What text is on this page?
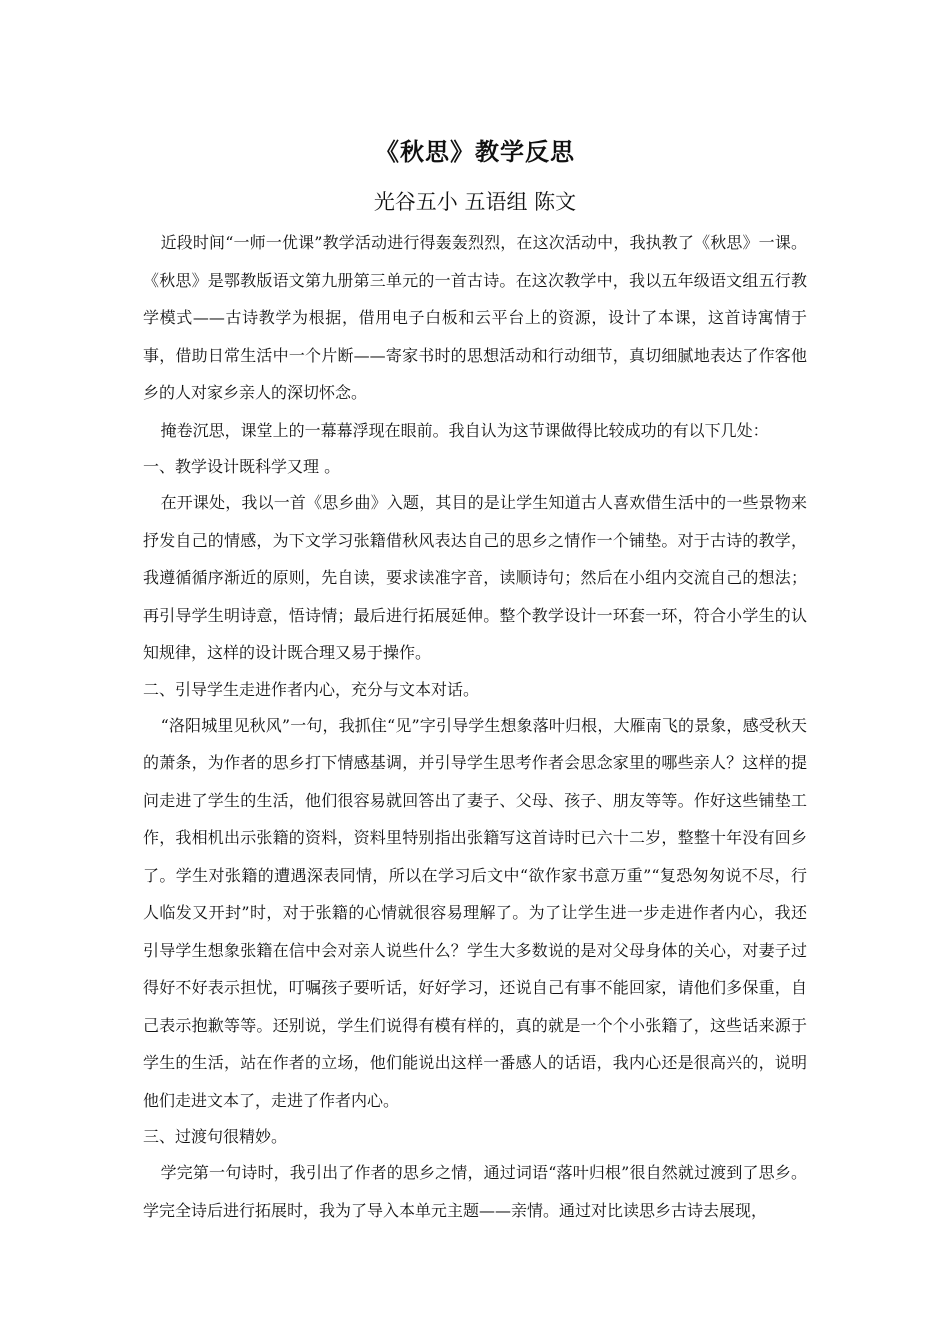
《秋思》教学反思
光谷五小 五语组 陈文

近段时间“一师一优课”教学活动进行得轰轰烈烈，在这次活动中，我执教了《秋思》一课。《秋思》是鄂教版语文第九册第三单元的一首古诗。在这次教学中，我以五年级语文组五行教学模式——古诗教学为根据，借用电子白板和云平台上的资源，设计了本课，这首诗寓情于事，借助日常生活中一个片断——寄家书时的思想活动和行动细节，真切细腻地表达了作客他乡的人对家乡亲人的深切怀念。

掩卷沉思，课堂上的一幕幕浮现在眼前。我自认为这节课做得比较成功的有以下几处：

一、教学设计既科学又理 。

在开课处，我以一首《思乡曲》入题，其目的是让学生知道古人喜欢借生活中的一些景物来抒发自己的情感，为下文学习张籍借秋风表达自己的思乡之情作一个铺垫。对于古诗的教学，我遵循循序渐近的原则，先自读，要求读准字音，读顺诗句；然后在小组内交流自己的想法；再引导学生明诗意，悟诗情；最后进行拓展延伸。整个教学设计一环套一环，符合小学生的认知规律，这样的设计既合理又易于操作。

二、引导学生走进作者内心，充分与文本对话。

“洛阳城里见秋风”一句，我抓住“见”字引导学生想象落叶归根，大雁南飞的景象，感受秋天的萧条，为作者的思乡打下情感基调，并引导学生思考作者会思念家里的哪些亲人？这样的提问走进了学生的生活，他们很容易就回答出了妻子、父母、孩子、朋友等等。作好这些铺垫工作，我相机出示张籍的资料，资料里特别指出张籍写这首诗时已六十二岁，整整十年没有回乡了。学生对张籍的遭遇深表同情，所以在学习后文中“欲作家书意万重”“复恐匆匆说不尽，行人临发又开封”时，对于张籍的心情就很容易理解了。为了让学生进一步走进作者内心，我还引导学生想象张籍在信中会对亲人说些什么？学生大多数说的是对父母身体的关心，对妻子过得好不好表示担忧，叮嘱孩子要听话，好好学习，还说自己有事不能回家，请他们多保重，自己表示抱歉等等。还别说，学生们说得有模有样的，真的就是一个个小张籍了，这些话来源于学生的生活，站在作者的立场，他们能说出这样一番感人的话语，我内心还是很高兴的，说明他们走进文本了，走进了作者内心。

三、过渡句很精妙。

学完第一句诗时，我引出了作者的思乡之情，通过词语“落叶归根”很自然就过渡到了思乡。学完全诗后进行拓展时，我为了导入本单元主题——亲情。通过对比读思乡古诗去展现，
